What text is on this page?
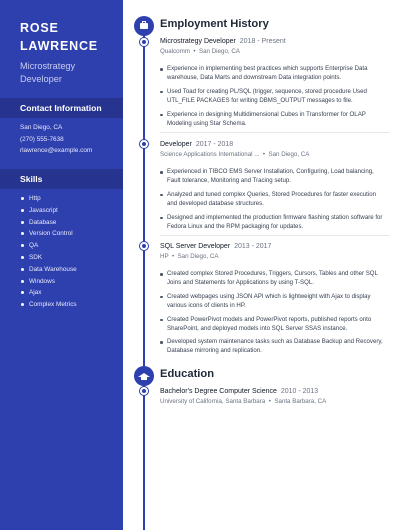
ROSE
LAWRENCE
Microstrategy Developer
Contact Information
San Diego, CA
(270) 555-7638
rlawrence@example.com
Skills
Http
Javascript
Database
Version Control
QA
SDK
Data Warehouse
Windows
Ajax
Complex Metrics
Employment History
Microstrategy Developer 2018 - Present
Qualcomm  •  San Diego, CA
Experience in implementing best practices which supports Enterprise Data warehouse, Data Marts and downstream Data integration points.
Used Toad for creating PL/SQL (trigger, sequence, stored procedure Used UTL_FILE PACKAGES for writing DBMS_OUTPUT messages to file.
Experience in designing Multidimensional Cubes in Transformer for OLAP Modeling using Star Schema.
Developer 2017 - 2018
Science Applications International ...  •  San Diego, CA
Experienced in TIBCO EMS Server Installation, Configuring, Load balancing, Fault tolerance, Monitoring and Tracing setup.
Analyzed and tuned complex Queries, Stored Procedures for faster execution and developed database structures.
Designed and implemented the production firmware flashing station software for Fedora Linux and the RPM packaging for updates.
SQL Server Developer 2013 - 2017
HP  •  San Diego, CA
Created complex Stored Procedures, Triggers, Cursors, Tables and other SQL Joins and Statements for Applications by using T-SQL.
Created webpages using JSON API which is lightweight with Ajax to display various icons of clients in HP.
Created PowerPivot models and PowerPivot reports, published reports onto SharePoint, and deployed models into SQL Server SSAS instance.
Developed system maintenance tasks such as Database Backup and Recovery, Database mirroring and replication.
Education
Bachelor's Degree Computer Science 2010 - 2013
University of California, Santa Barbara  •  Santa Barbara, CA
